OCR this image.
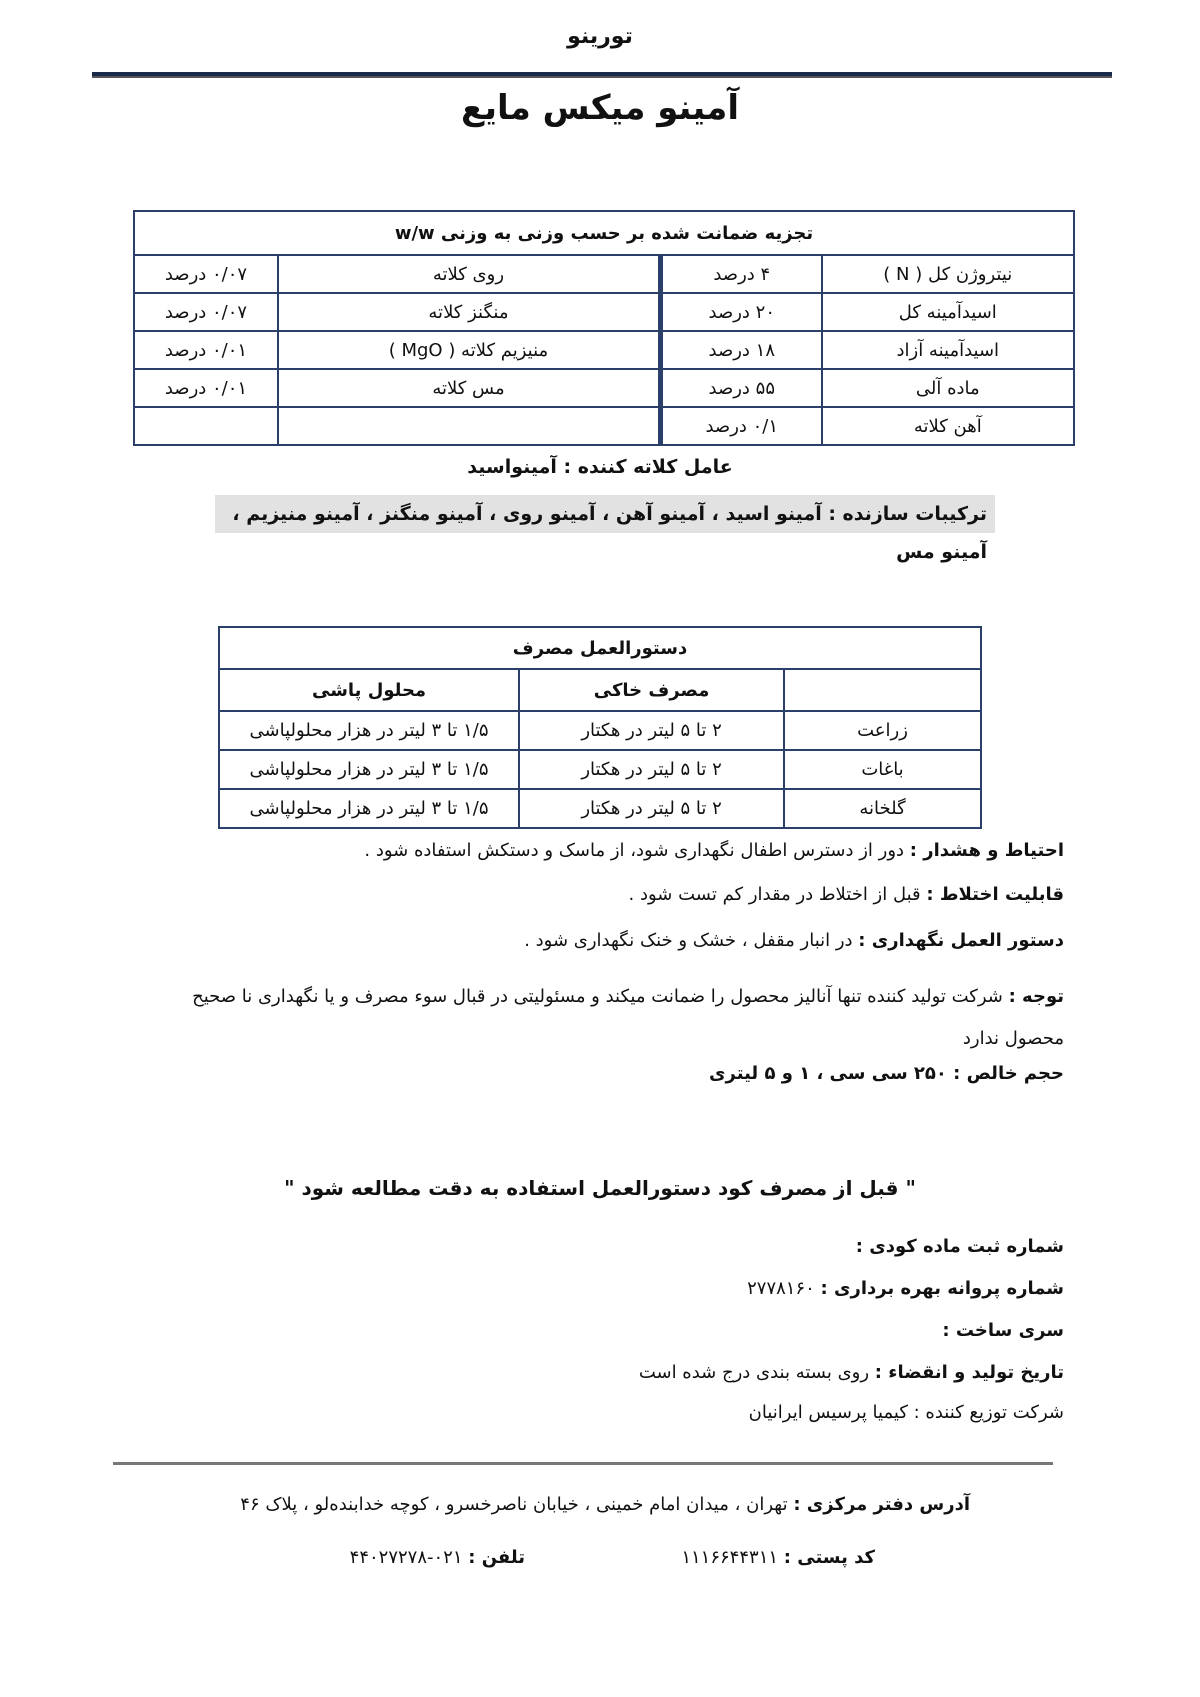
تورینو
آمینو میکس مایع
تجزیه ضمانت شده بر حسب وزنی به وزنی w/w			
نیتروژن کل ( N )	۴ درصد	روی کلاته	۰/۰۷ درصد
اسیدآمینه کل	۲۰ درصد	منگنز کلاته	۰/۰۷ درصد
اسیدآمینه آزاد	۱۸ درصد	منیزیم کلاته ( MgO )	۰/۰۱ درصد
ماده آلی	۵۵ درصد	مس کلاته	۰/۰۱ درصد
آهن کلاته	۰/۱ درصد		
عامل کلاته کننده : آمینواسید
ترکیبات سازنده : آمینو اسید ، آمینو آهن ، آمینو روی ، آمینو منگنز ، آمینو منیزیم ، آمینو مس
دستورالعمل مصرف		
	مصرف خاکی	محلول پاشی
زراعت	۲ تا ۵ لیتر در هکتار	۱/۵ تا ۳ لیتر در هزار محلولپاشی
باغات	۲ تا ۵ لیتر در هکتار	۱/۵ تا ۳ لیتر در هزار محلولپاشی
گلخانه	۲ تا ۵ لیتر در هکتار	۱/۵ تا ۳ لیتر در هزار محلولپاشی
احتیاط و هشدار : دور از دسترس اطفال نگهداری شود، از ماسک و دستکش استفاده شود .
قابلیت اختلاط : قبل از اختلاط در مقدار کم تست شود .
دستور العمل نگهداری : در انبار مقفل ، خشک و خنک نگهداری شود .
توجه : شرکت تولید کننده تنها آنالیز محصول را ضمانت میکند و مسئولیتی در قبال سوء مصرف و یا نگهداری نا صحیح محصول ندارد
حجم خالص : ۲۵۰ سی سی ، ۱ و ۵ لیتری
" قبل از مصرف کود دستورالعمل استفاده به دقت مطالعه شود "
شماره ثبت ماده کودی :
شماره پروانه بهره برداری : ۲۷۷۸۱۶۰
سری ساخت :
تاریخ تولید و انقضاء : روی بسته بندی درج شده است
شرکت توزیع کننده : کیمیا پرسیس ایرانیان
آدرس دفتر مرکزی : تهران ، میدان امام خمینی ، خیابان ناصرخسرو ، کوچه خدابندەلو ، پلاک ۴۶
کد پستی : ۱۱۱۶۶۴۴۳۱۱
تلفن : ۰۲۱-۴۴۰۲۷۲۷۸
